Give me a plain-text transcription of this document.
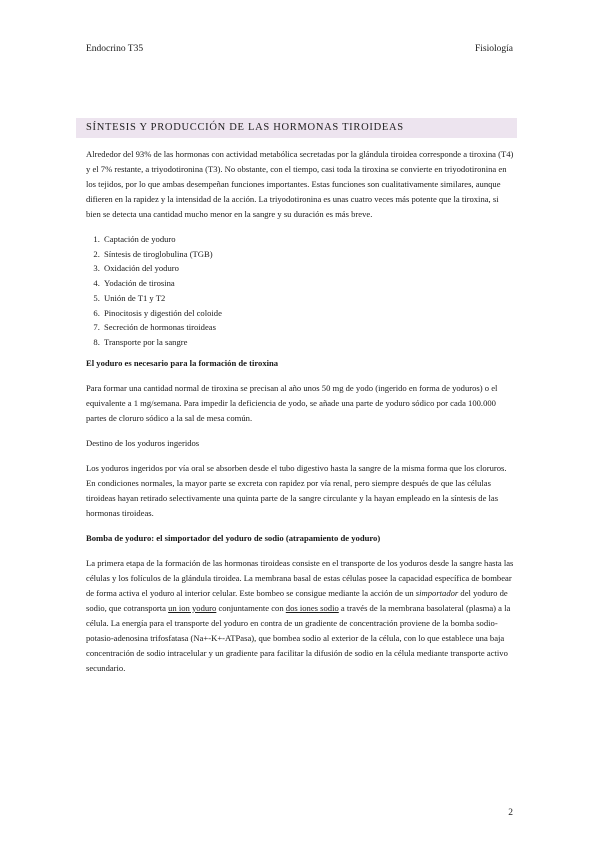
Endocrino T35	Fisiología
SÍNTESIS Y PRODUCCIÓN DE LAS HORMONAS TIROIDEAS

Alrededor del 93% de las hormonas con actividad metabólica secretadas por la glándula tiroidea corresponde a tiroxina (T4) y el 7% restante, a triyodotironina (T3). No obstante, con el tiempo, casi toda la tiroxina se convierte en triyodotironina en los tejidos, por lo que ambas desempeñan funciones importantes. Estas funciones son cualitativamente similares, aunque difieren en la rapidez y la intensidad de la acción. La triyodotironina es unas cuatro veces más potente que la tiroxina, si bien se detecta una cantidad mucho menor en la sangre y su duración es más breve.

1. Captación de yoduro
2. Síntesis de tiroglobulina (TGB)
3. Oxidación del yoduro
4. Yodación de tirosina
5. Unión de T1 y T2
6. Pinocitosis y digestión del coloide
7. Secreción de hormonas tiroideas
8. Transporte por la sangre
El yoduro es necesario para la formación de tiroxina

Para formar una cantidad normal de tiroxina se precisan al año unos 50 mg de yodo (ingerido en forma de yoduros) o el equivalente a 1 mg/semana. Para impedir la deficiencia de yodo, se añade una parte de yoduro sódico por cada 100.000 partes de cloruro sódico a la sal de mesa común.

Destino de los yoduros ingeridos

Los yoduros ingeridos por vía oral se absorben desde el tubo digestivo hasta la sangre de la misma forma que los cloruros. En condiciones normales, la mayor parte se excreta con rapidez por vía renal, pero siempre después de que las células tiroideas hayan retirado selectivamente una quinta parte de la sangre circulante y la hayan empleado en la síntesis de las hormonas tiroideas.

Bomba de yoduro: el simportador del yoduro de sodio (atrapamiento de yoduro)

La primera etapa de la formación de las hormonas tiroideas consiste en el transporte de los yoduros desde la sangre hasta las células y los folículos de la glándula tiroidea. La membrana basal de estas células posee la capacidad específica de bombear de forma activa el yoduro al interior celular. Este bombeo se consigue mediante la acción de un simportador del yoduro de sodio, que cotransporta un ion yoduro conjuntamente con dos iones sodio a través de la membrana basolateral (plasma) a la célula. La energía para el transporte del yoduro en contra de un gradiente de concentración proviene de la bomba sodio-potasio-adenosina trifosfatasa (Na+-K+-ATPasa), que bombea sodio al exterior de la célula, con lo que establece una baja concentración de sodio intracelular y un gradiente para facilitar la difusión de sodio en la célula mediante transporte activo secundario.

2
